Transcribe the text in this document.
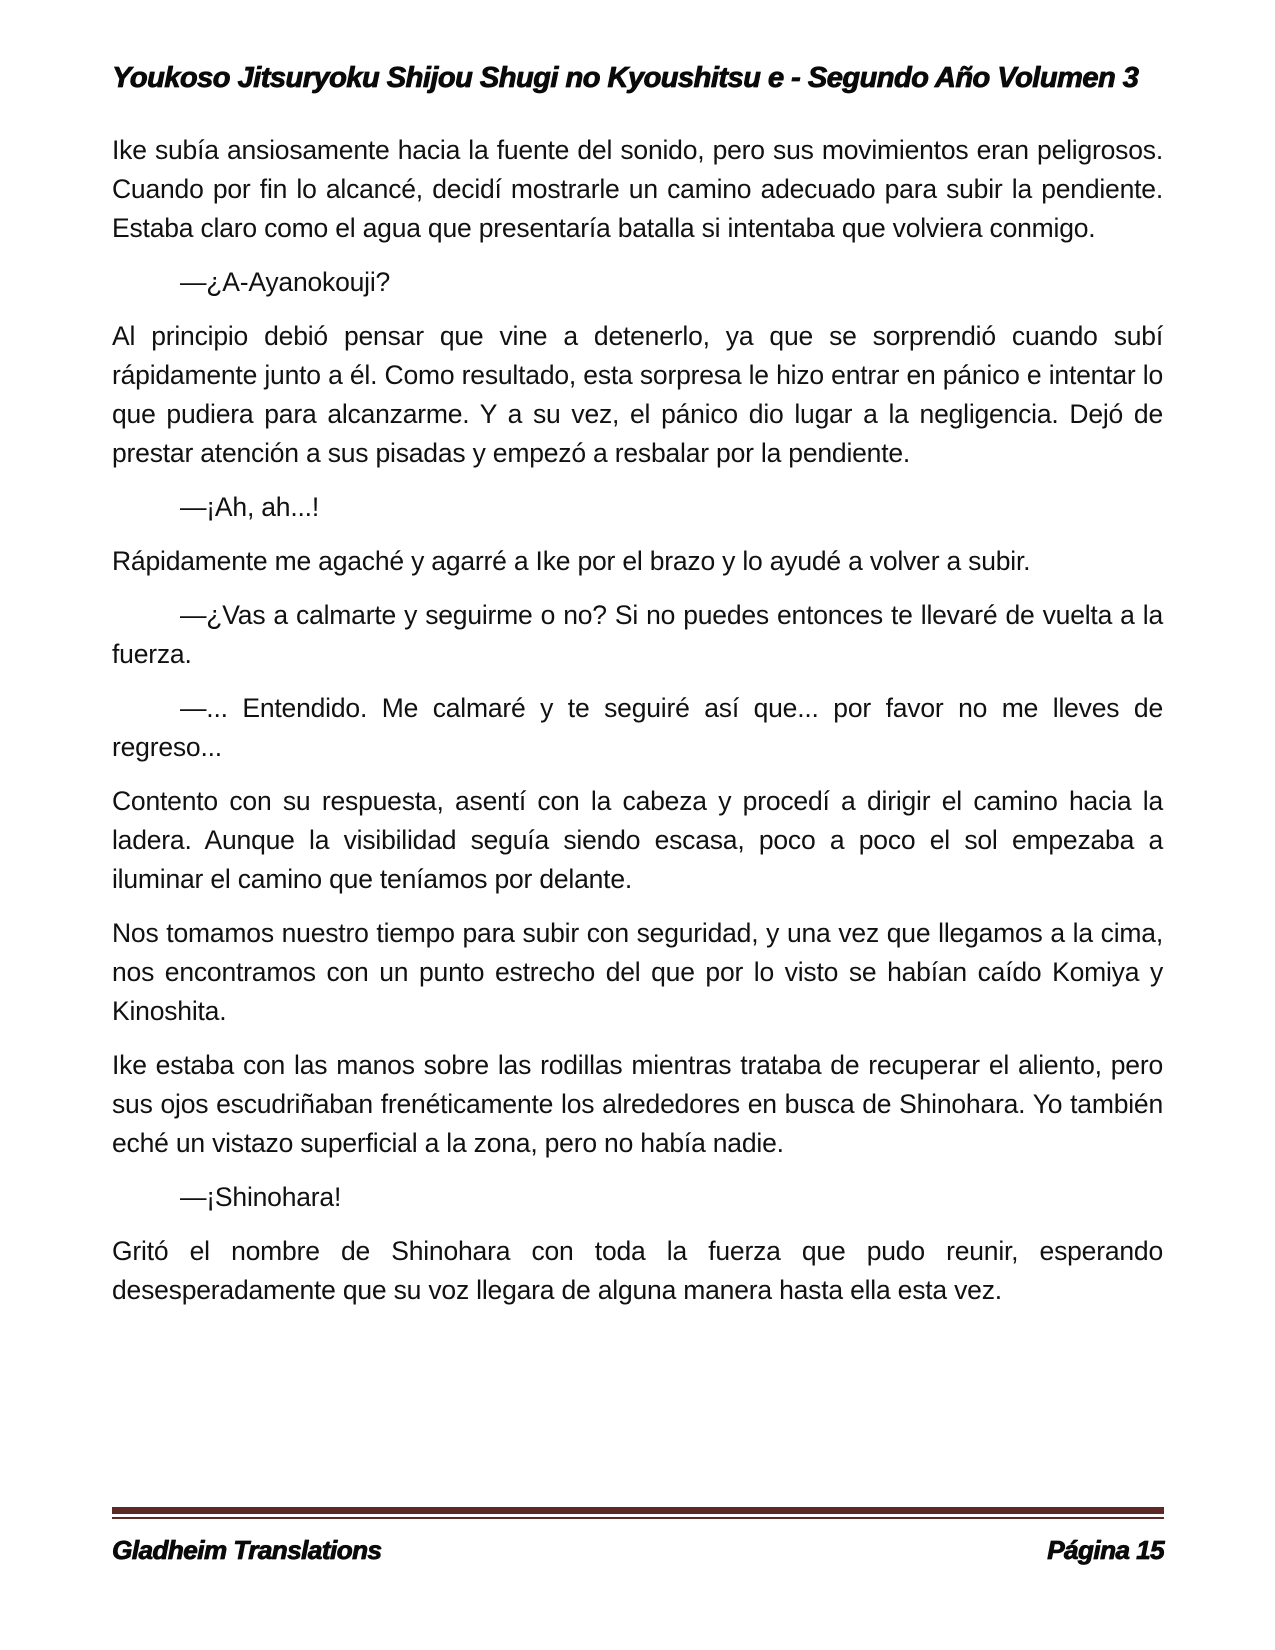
Youkoso Jitsuryoku Shijou Shugi no Kyoushitsu e - Segundo Año Volumen 3

Ike subía ansiosamente hacia la fuente del sonido, pero sus movimientos eran peligrosos. Cuando por fin lo alcancé, decidí mostrarle un camino adecuado para subir la pendiente. Estaba claro como el agua que presentaría batalla si intentaba que volviera conmigo.

—¿A-Ayanokouji?

Al principio debió pensar que vine a detenerlo, ya que se sorprendió cuando subí rápidamente junto a él. Como resultado, esta sorpresa le hizo entrar en pánico e intentar lo que pudiera para alcanzarme. Y a su vez, el pánico dio lugar a la negligencia. Dejó de prestar atención a sus pisadas y empezó a resbalar por la pendiente.

—¡Ah, ah...!

Rápidamente me agaché y agarré a Ike por el brazo y lo ayudé a volver a subir.

—¿Vas a calmarte y seguirme o no? Si no puedes entonces te llevaré de vuelta a la fuerza.

—... Entendido. Me calmaré y te seguiré así que... por favor no me lleves de regreso...

Contento con su respuesta, asentí con la cabeza y procedí a dirigir el camino hacia la ladera. Aunque la visibilidad seguía siendo escasa, poco a poco el sol empezaba a iluminar el camino que teníamos por delante.

Nos tomamos nuestro tiempo para subir con seguridad, y una vez que llegamos a la cima, nos encontramos con un punto estrecho del que por lo visto se habían caído Komiya y Kinoshita.

Ike estaba con las manos sobre las rodillas mientras trataba de recuperar el aliento, pero sus ojos escudriñaban frenéticamente los alrededores en busca de Shinohara. Yo también eché un vistazo superficial a la zona, pero no había nadie.

—¡Shinohara!

Gritó el nombre de Shinohara con toda la fuerza que pudo reunir, esperando desesperadamente que su voz llegara de alguna manera hasta ella esta vez.

Gladheim Translations	Página 15
